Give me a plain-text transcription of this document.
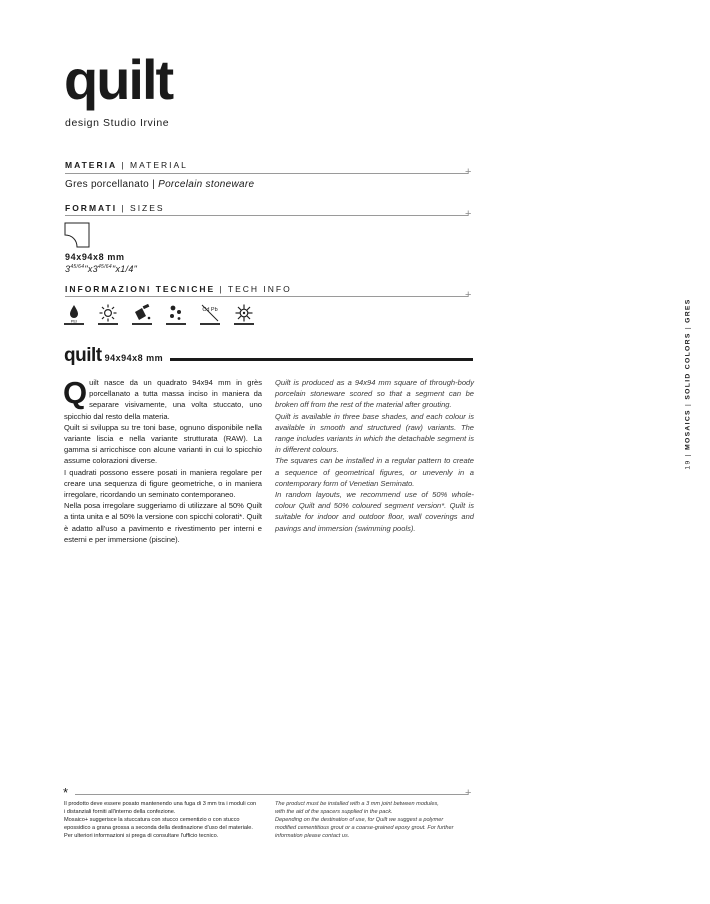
quilt
design Studio Irvine
MATERIA | MATERIAL
+
Gres porcellanato | Porcelain stoneware
FORMATI | SIZES	+
94x94x8 mm
$3^{45/64}"x3^{45/64}"x1/4$"
INFORMAZIONI TECNICHE | TECH INFO	+
PEI
Cd Pb
quilt 94x94x8 mm

Quilt nasce da un quadrato 94x94 mm in grès porcellanato a tutta massa inciso in maniera da separare visivamente, una volta stuccato, uno spicchio dal resto della materia.

Quilt si sviluppa su tre toni base, ognuno disponibile nella variante liscia e nella variante strutturata (RAW). La gamma si arricchisce con alcune varianti in cui lo spicchio assume colorazioni diverse.

I quadrati possono essere posati in maniera regolare per creare una sequenza di figure geometriche, o in maniera irregolare, ricordando un seminato contemporaneo.

Nella posa irregolare suggeriamo di utilizzare al 50% Quilt a tinta unita e al 50% la versione con spicchi colorati*. Quilt è adatto all'uso a pavimento e rivestimento per interni e esterni e per immersione (piscine).

Quilt is produced as a 94x94 mm square of through-body porcelain stoneware scored so that a segment can be broken off from the rest of the material after grouting.

Quilt is available in three base shades, and each colour is available in smooth and structured (raw) variants. The range includes variants in which the detachable segment is in different colours.

The squares can be installed in a regular pattern to create a sequence of geometrical figures, or unevenly in a contemporary form of Venetian Seminato.

In random layouts, we recommend use of 50% whole-colour Quilt and 50% coloured segment version*. Quilt is suitable for indoor and outdoor floor, wall coverings and pavings and immersion (swimming pools).

19 | MOSAICS | SOLID COLORS | GRES
*	+

Il prodotto deve essere posato mantenendo una fuga di 3 mm tra i moduli con

i distanziali forniti all'interno della confezione.

Mosaico+ suggerisce la stuccatura con stucco cementizio o con stucco

epossidico a grana grossa a seconda della destinazione d'uso del materiale.

Per ulteriori informazioni si prega di consultare l'ufficio tecnico.

The product must be installed with a 3 mm joint between modules,

with the aid of the spacers supplied in the pack.

Depending on the destination of use, for Quilt we suggest a polymer

modified cementitious grout or a coarse-grained epoxy grout. For further

information please contact us.
